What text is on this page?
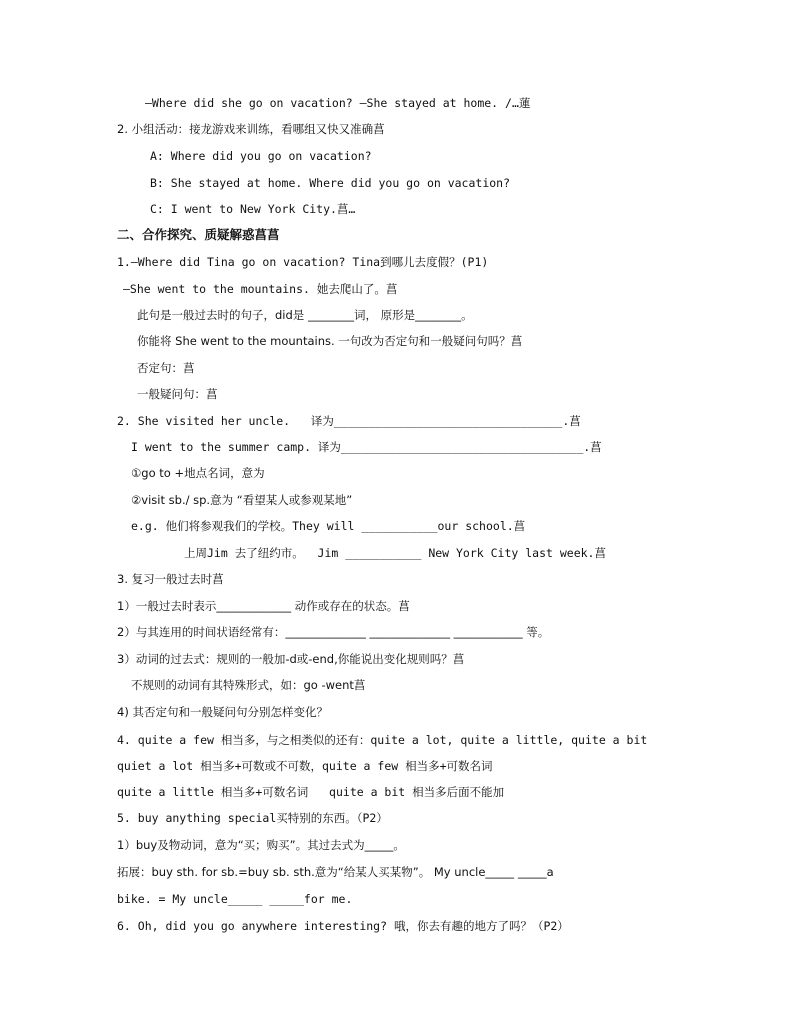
—Where did she go on vacation? —She stayed at home. /…蓮
2. 小组活动：接龙游戏来训练，看哪组又快又准确菖
A: Where did you go on vacation?
B: She stayed at home. Where did you go on vacation?
C: I went to New York City.菖…
二、合作探究、质疑解惑菖菖
1.—Where did Tina go on vacation? Tina到哪儿去度假？(P1)
—She went to the mountains. 她去爬山了。菖
此句是一般过去时的句子，did是 ________词， 原形是________。
你能将 She went to the mountains. 一句改为否定句和一般疑问句吗？菖
否定句：菖
一般疑问句：菖
2. She visited her uncle.   译为_________________________________.菖
I went to the summer camp. 译为___________________________________.菖
①go to +地点名词，意为
②visit sb./ sp.意为 “看望某人或参观某地”
e.g. 他们将参观我们的学校。They will ___________our school.菖
上周Jim 去了纽约市。  Jim ___________ New York City last week.菖
3. 复习一般过去时菖
1）一般过去时表示_____________ 动作或存在的状态。菖
2）与其连用的时间状语经常有：______________ ______________ ____________ 等。
3）动词的过去式：规则的一般加-d或-end,你能说出变化规则吗？菖
不规则的动词有其特殊形式，如：go -went菖
4) 其否定句和一般疑问句分别怎样变化？
4. quite a few 相当多，与之相类似的还有：quite a lot, quite a little, quite a bit
quiet a lot 相当多+可数或不可数，quite a few 相当多+可数名词
quite a little 相当多+可数名词   quite a bit 相当多后面不能加
5. buy anything special买特别的东西。（P2）
1）buy及物动词，意为“买；购买”。其过去式为_____。
拓展：buy sth. for sb.=buy sb. sth.意为“给某人买某物”。 My uncle_____ _____a
bike. = My uncle_____ _____for me.
6. Oh, did you go anywhere interesting? 哦，你去有趣的地方了吗？（P2）
